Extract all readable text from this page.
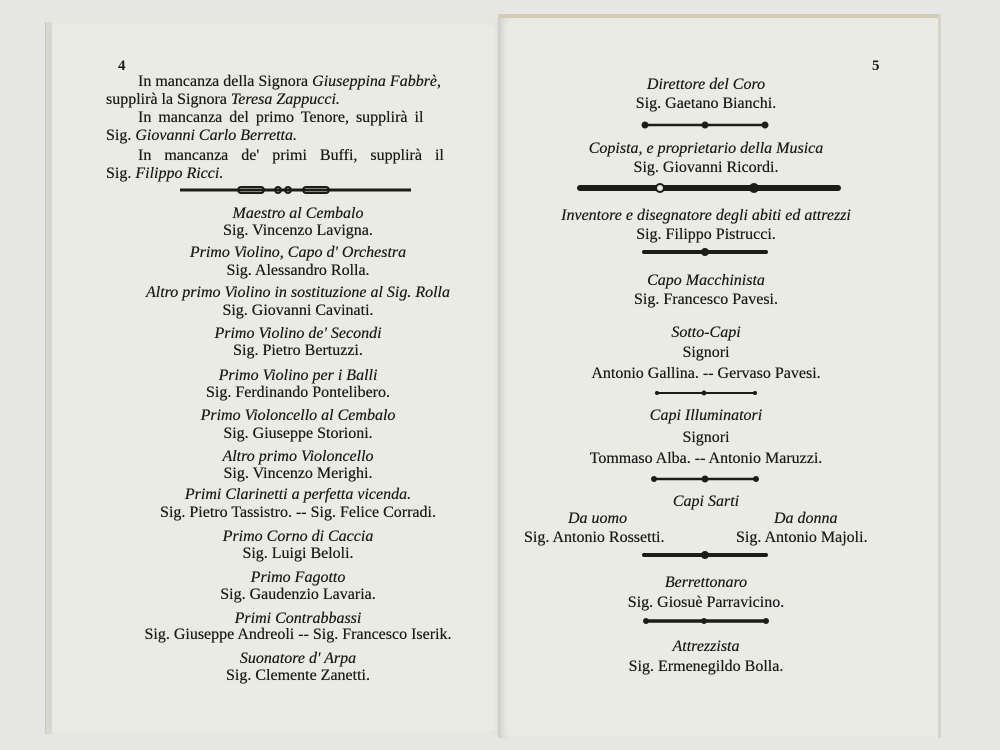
4
In mancanza della Signora Giuseppina Fabbrè,
supplirà la Signora Teresa Zappucci.
In mancanza del primo Tenore, supplirà il
Sig. Giovanni Carlo Berretta.
In mancanza de' primi Buffi, supplirà il
Sig. Filippo Ricci.
Maestro al Cembalo
Sig. Vincenzo Lavigna.
Primo Violino, Capo d' Orchestra
Sig. Alessandro Rolla.
Altro primo Violino in sostituzione al Sig. Rolla
Sig. Giovanni Cavinati.
Primo Violino de' Secondi
Sig. Pietro Bertuzzi.
Primo Violino per i Balli
Sig. Ferdinando Pontelibero.
Primo Violoncello al Cembalo
Sig. Giuseppe Storioni.
Altro primo Violoncello
Sig. Vincenzo Merighi.
Primi Clarinetti a perfetta vicenda.
Sig. Pietro Tassistro. -- Sig. Felice Corradi.
Primo Corno di Caccia
Sig. Luigi Beloli.
Primo Fagotto
Sig. Gaudenzio Lavaria.
Primi Contrabbassi
Sig. Giuseppe Andreoli -- Sig. Francesco Iserik.
Suonatore d' Arpa
Sig. Clemente Zanetti.
5
Direttore del Coro
Sig. Gaetano Bianchi.
Copista, e proprietario della Musica
Sig. Giovanni Ricordi.
Inventore e disegnatore degli abiti ed attrezzi
Sig. Filippo Pistrucci.
Capo Macchinista
Sig. Francesco Pavesi.
Sotto-Capi
Signori
Antonio Gallina. -- Gervaso Pavesi.
Capi Illuminatori
Signori
Tommaso Alba. -- Antonio Maruzzi.
Capi Sarti
Da uomo
Sig. Antonio Rossetti.
Da donna
Sig. Antonio Majoli.
Berrettonaro
Sig. Giosuè Parravicino.
Attrezzista
Sig. Ermenegildo Bolla.
